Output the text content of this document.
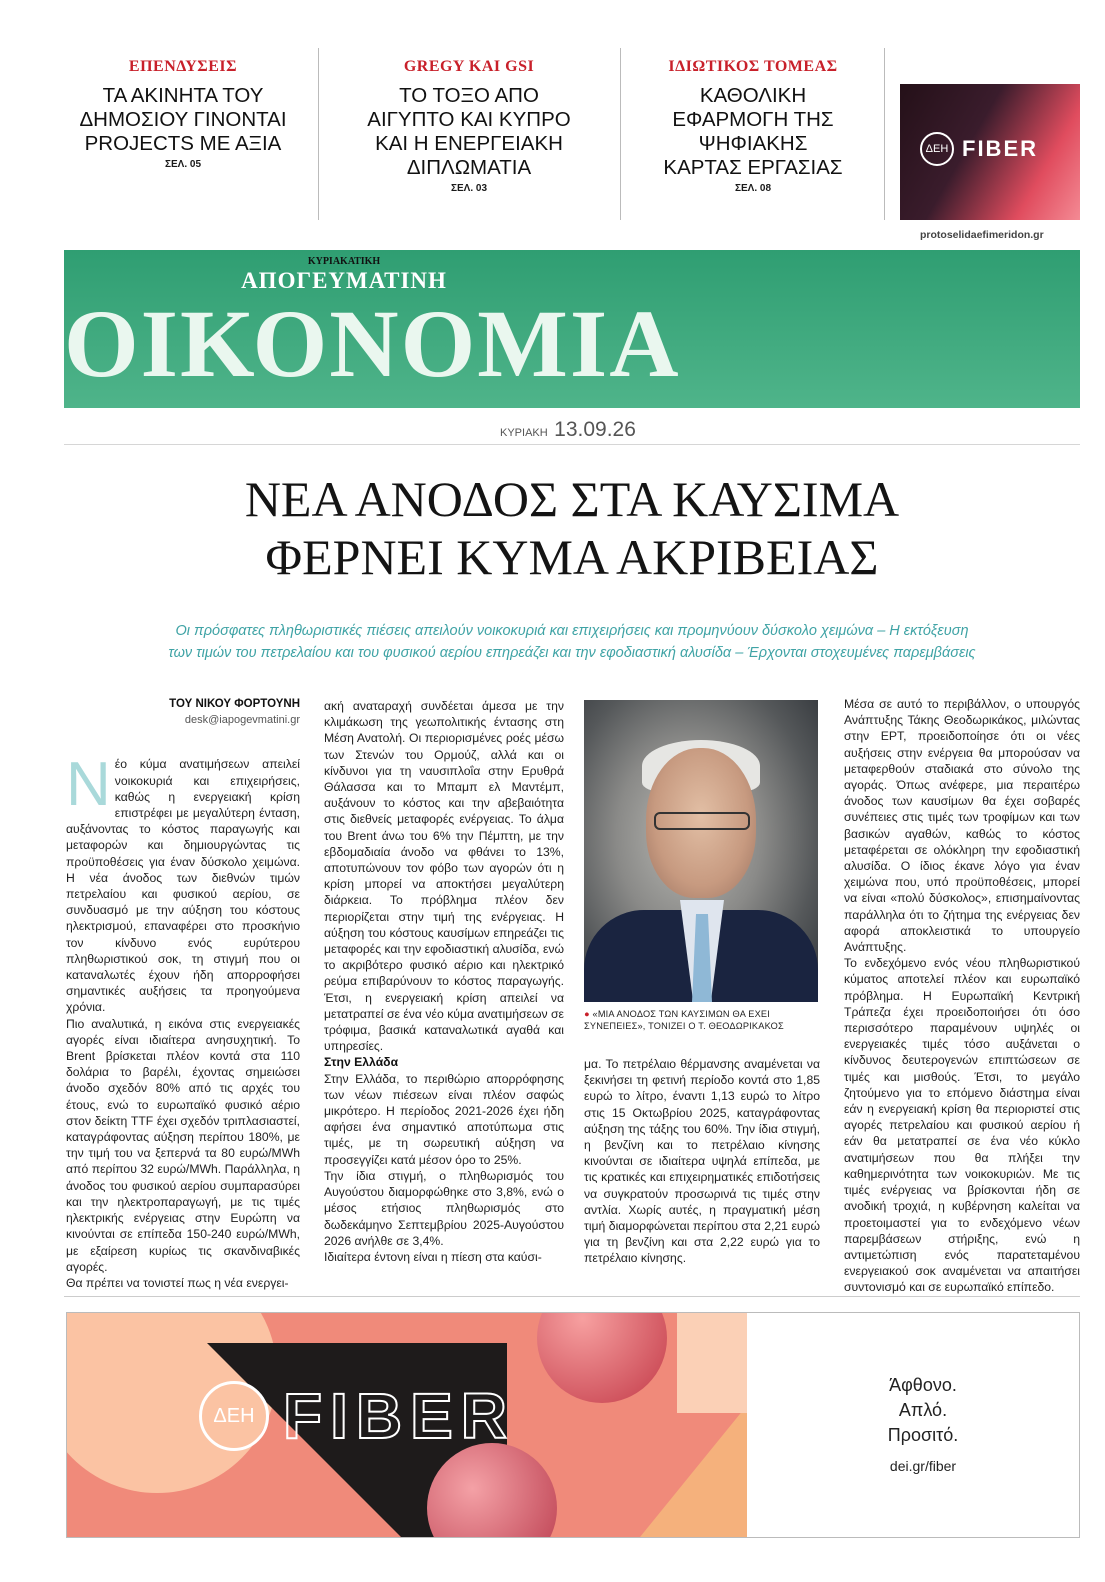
ΕΠΕΝΔΥΣΕΙΣ
ΤΑ ΑΚΙΝΗΤΑ ΤΟΥ ΔΗΜΟΣΙΟΥ ΓΙΝΟΝΤΑΙ PROJECTS ΜΕ ΑΞΙΑ
ΣΕΛ. 05
GREGY ΚΑΙ GSI
ΤΟ ΤΟΞΟ ΑΠΟ ΑΙΓΥΠΤΟ ΚΑΙ ΚΥΠΡΟ ΚΑΙ Η ΕΝΕΡΓΕΙΑΚΗ ΔΙΠΛΩΜΑΤΙΑ
ΣΕΛ. 03
ΙΔΙΩΤΙΚΟΣ ΤΟΜΕΑΣ
ΚΑΘΟΛΙΚΗ ΕΦΑΡΜΟΓΗ ΤΗΣ ΨΗΦΙΑΚΗΣ ΚΑΡΤΑΣ ΕΡΓΑΣΙΑΣ
ΣΕΛ. 08
ΔΕΗ FIBER
protoselidaefimeridon.gr
ΚΥΡΙΑΚΑΤΙΚΗ
ΑΠΟΓΕΥΜΑΤΙΝΗ
ΟΙΚΟΝΟΜΙΑ
ΚΥΡΙΑΚΗ 13.09.26
ΝΕΑ ΑΝΟΔΟΣ ΣΤΑ ΚΑΥΣΙΜΑ
ΦΕΡΝΕΙ ΚΥΜΑ ΑΚΡΙΒΕΙΑΣ
Οι πρόσφατες πληθωριστικές πιέσεις απειλούν νοικοκυριά και επιχειρήσεις και προμηνύουν δύσκολο χειμώνα – Η εκτόξευση
των τιμών του πετρελαίου και του φυσικού αερίου επηρεάζει και την εφοδιαστική αλυσίδα – Έρχονται στοχευμένες παρεμβάσεις
ΤΟΥ ΝΙΚΟΥ ΦΟΡΤΟΥΝΗ
desk@iapogevmatini.gr
Ν έο κύμα ανατιμήσεων απειλεί νοικοκυριά και επιχειρήσεις, καθώς η ενεργειακή κρίση επιστρέφει με μεγαλύτερη ένταση, αυξάνοντας το κόστος παραγωγής και μεταφορών και δημιουργώντας τις προϋποθέσεις για έναν δύσκολο χειμώνα. Η νέα άνοδος των διεθνών τιμών πετρελαίου και φυσικού αερίου, σε συνδυασμό με την αύξηση του κόστους ηλεκτρισμού, επαναφέρει στο προσκήνιο τον κίνδυνο ενός ευρύτερου πληθωριστικού σοκ, τη στιγμή που οι καταναλωτές έχουν ήδη απορροφήσει σημαντικές αυξήσεις τα προηγούμενα χρόνια.

Πιο αναλυτικά, η εικόνα στις ενεργειακές αγορές είναι ιδιαίτερα ανησυχητική. Το Brent βρίσκεται πλέον κοντά στα 110 δολάρια το βαρέλι, έχοντας σημειώσει άνοδο σχεδόν 80% από τις αρχές του έτους, ενώ το ευρωπαϊκό φυσικό αέριο στον δείκτη TTF έχει σχεδόν τριπλασιαστεί, καταγράφοντας αύξηση περίπου 180%, με την τιμή του να ξεπερνά τα 80 ευρώ/MWh από περίπου 32 ευρώ/MWh. Παράλληλα, η άνοδος του φυσικού αερίου συμπαρασύρει και την ηλεκτροπαραγωγή, με τις τιμές ηλεκτρικής ενέργειας στην Ευρώπη να κινούνται σε επίπεδα 150-240 ευρώ/MWh, με εξαίρεση κυρίως τις σκανδιναβικές αγορές.

Θα πρέπει να τονιστεί πως η νέα ενεργει-

ακή αναταραχή συνδέεται άμεσα με την κλιμάκωση της γεωπολιτικής έντασης στη Μέση Ανατολή. Οι περιορισμένες ροές μέσω των Στενών του Ορμούζ, αλλά και οι κίνδυνοι για τη ναυσιπλοΐα στην Ερυθρά Θάλασσα και το Μπαμπ ελ Μαντέμπ, αυξάνουν το κόστος και την αβεβαιότητα στις διεθνείς μεταφορές ενέργειας. Το άλμα του Brent άνω του 6% την Πέμπτη, με την εβδομαδιαία άνοδο να φθάνει το 13%, αποτυπώνουν τον φόβο των αγορών ότι η κρίση μπορεί να αποκτήσει μεγαλύτερη διάρκεια. Το πρόβλημα πλέον δεν περιορίζεται στην τιμή της ενέργειας. Η αύξηση του κόστους καυσίμων επηρεάζει τις μεταφορές και την εφοδιαστική αλυσίδα, ενώ το ακριβότερο φυσικό αέριο και ηλεκτρικό ρεύμα επιβαρύνουν το κόστος παραγωγής. Έτσι, η ενεργειακή κρίση απειλεί να μετατραπεί σε ένα νέο κύμα ανατιμήσεων σε τρόφιμα, βασικά καταναλωτικά αγαθά και υπηρεσίες.

Στην Ελλάδα

Στην Ελλάδα, το περιθώριο απορρόφησης των νέων πιέσεων είναι πλέον σαφώς μικρότερο. Η περίοδος 2021-2026 έχει ήδη αφήσει ένα σημαντικό αποτύπωμα στις τιμές, με τη σωρευτική αύξηση να προσεγγίζει κατά μέσον όρο το 25%.

Την ίδια στιγμή, ο πληθωρισμός του Αυγούστου διαμορφώθηκε στο 3,8%, ενώ ο μέσος ετήσιος πληθωρισμός στο δωδεκάμηνο Σεπτεμβρίου 2025-Αυγούστου 2026 ανήλθε σε 3,4%.

Ιδιαίτερα έντονη είναι η πίεση στα καύσι-

● «ΜΙΑ ΑΝΟΔΟΣ ΤΩΝ ΚΑΥΣΙΜΩΝ ΘΑ ΕΧΕΙ
ΣΥΝΕΠΕΙΕΣ», ΤΟΝΙΖΕΙ Ο Τ. ΘΕΟΔΩΡΙΚΑΚΟΣ

μα. Το πετρέλαιο θέρμανσης αναμένεται να ξεκινήσει τη φετινή περίοδο κοντά στο 1,85 ευρώ το λίτρο, έναντι 1,13 ευρώ το λίτρο στις 15 Οκτωβρίου 2025, καταγράφοντας αύξηση της τάξης του 60%. Την ίδια στιγμή, η βενζίνη και το πετρέλαιο κίνησης κινούνται σε ιδιαίτερα υψηλά επίπεδα, με τις κρατικές και επιχειρηματικές επιδοτήσεις να συγκρατούν προσωρινά τις τιμές στην αντλία. Χωρίς αυτές, η πραγματική μέση τιμή διαμορφώνεται περίπου στα 2,21 ευρώ για τη βενζίνη και στα 2,22 ευρώ για το πετρέλαιο κίνησης.

Μέσα σε αυτό το περιβάλλον, ο υπουργός Ανάπτυξης Τάκης Θεοδωρικάκος, μιλώντας στην ΕΡΤ, προειδοποίησε ότι οι νέες αυξήσεις στην ενέργεια θα μπορούσαν να μεταφερθούν σταδιακά στο σύνολο της αγοράς. Όπως ανέφερε, μια περαιτέρω άνοδος των καυσίμων θα έχει σοβαρές συνέπειες στις τιμές των τροφίμων και των βασικών αγαθών, καθώς το κόστος μεταφέρεται σε ολόκληρη την εφοδιαστική αλυσίδα. Ο ίδιος έκανε λόγο για έναν χειμώνα που, υπό προϋποθέσεις, μπορεί να είναι «πολύ δύσκολος», επισημαίνοντας παράλληλα ότι το ζήτημα της ενέργειας δεν αφορά αποκλειστικά το υπουργείο Ανάπτυξης.

Το ενδεχόμενο ενός νέου πληθωριστικού κύματος αποτελεί πλέον και ευρωπαϊκό πρόβλημα. Η Ευρωπαϊκή Κεντρική Τράπεζα έχει προειδοποιήσει ότι όσο περισσότερο παραμένουν υψηλές οι ενεργειακές τιμές τόσο αυξάνεται ο κίνδυνος δευτερογενών επιπτώσεων σε τιμές και μισθούς. Έτσι, το μεγάλο ζητούμενο για το επόμενο διάστημα είναι εάν η ενεργειακή κρίση θα περιοριστεί στις αγορές πετρελαίου και φυσικού αερίου ή εάν θα μετατραπεί σε ένα νέο κύκλο ανατιμήσεων που θα πλήξει την καθημερινότητα των νοικοκυριών. Με τις τιμές ενέργειας να βρίσκονται ήδη σε ανοδική τροχιά, η κυβέρνηση καλείται να προετοιμαστεί για το ενδεχόμενο νέων παρεμβάσεων στήριξης, ενώ η αντιμετώπιση ενός παρατεταμένου ενεργειακού σοκ αναμένεται να απαιτήσει συντονισμό και σε ευρωπαϊκό επίπεδο.

ΔΕΗ FIBER	Άφθονο.
Απλό.
Προσιτό.
dei.gr/fiber
